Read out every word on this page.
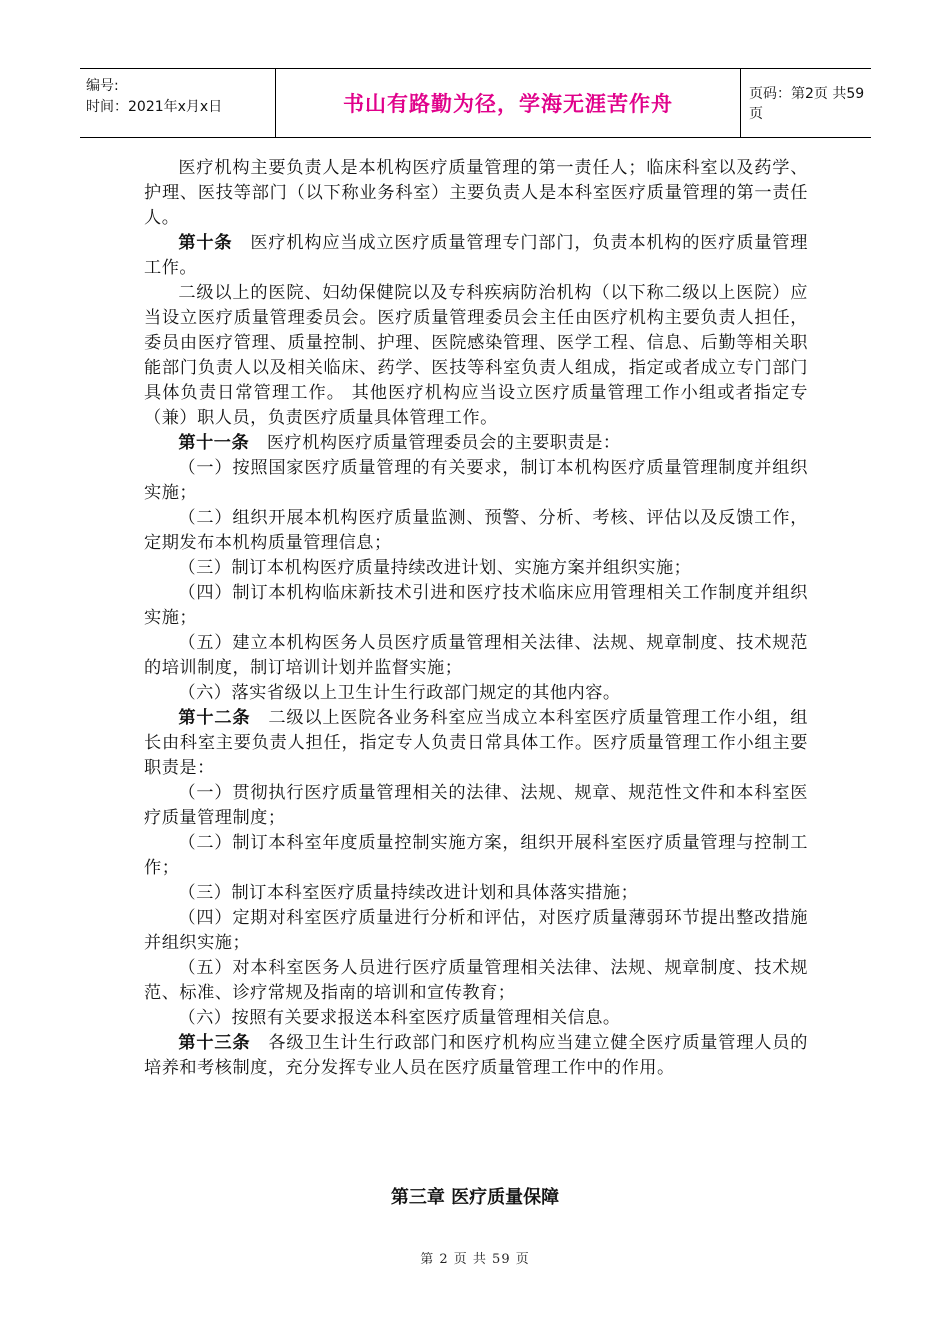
编号:
时间：2021年x月x日	书山有路勤为径，学海无涯苦作舟	页码：第2页 共59页

医疗机构主要负责人是本机构医疗质量管理的第一责任人；临床科室以及药学、护理、医技等部门（以下称业务科室）主要负责人是本科室医疗质量管理的第一责任人。

第十条　医疗机构应当成立医疗质量管理专门部门，负责本机构的医疗质量管理工作。

二级以上的医院、妇幼保健院以及专科疾病防治机构（以下称二级以上医院）应当设立医疗质量管理委员会。医疗质量管理委员会主任由医疗机构主要负责人担任，委员由医疗管理、质量控制、护理、医院感染管理、医学工程、信息、后勤等相关职能部门负责人以及相关临床、药学、医技等科室负责人组成，指定或者成立专门部门具体负责日常管理工作。 其他医疗机构应当设立医疗质量管理工作小组或者指定专（兼）职人员，负责医疗质量具体管理工作。

第十一条　医疗机构医疗质量管理委员会的主要职责是：

（一）按照国家医疗质量管理的有关要求，制订本机构医疗质量管理制度并组织实施；

（二）组织开展本机构医疗质量监测、预警、分析、考核、评估以及反馈工作，定期发布本机构质量管理信息；

（三）制订本机构医疗质量持续改进计划、实施方案并组织实施；

（四）制订本机构临床新技术引进和医疗技术临床应用管理相关工作制度并组织实施；

（五）建立本机构医务人员医疗质量管理相关法律、法规、规章制度、技术规范的培训制度，制订培训计划并监督实施；

（六）落实省级以上卫生计生行政部门规定的其他内容。

第十二条　二级以上医院各业务科室应当成立本科室医疗质量管理工作小组，组长由科室主要负责人担任，指定专人负责日常具体工作。医疗质量管理工作小组主要职责是：

（一）贯彻执行医疗质量管理相关的法律、法规、规章、规范性文件和本科室医疗质量管理制度；

（二）制订本科室年度质量控制实施方案，组织开展科室医疗质量管理与控制工作；

（三）制订本科室医疗质量持续改进计划和具体落实措施；

（四）定期对科室医疗质量进行分析和评估，对医疗质量薄弱环节提出整改措施并组织实施；

（五）对本科室医务人员进行医疗质量管理相关法律、法规、规章制度、技术规范、标准、诊疗常规及指南的培训和宣传教育；

（六）按照有关要求报送本科室医疗质量管理相关信息。

第十三条　各级卫生计生行政部门和医疗机构应当建立健全医疗质量管理人员的培养和考核制度，充分发挥专业人员在医疗质量管理工作中的作用。

第三章 医疗质量保障
第 2 页 共 59 页
